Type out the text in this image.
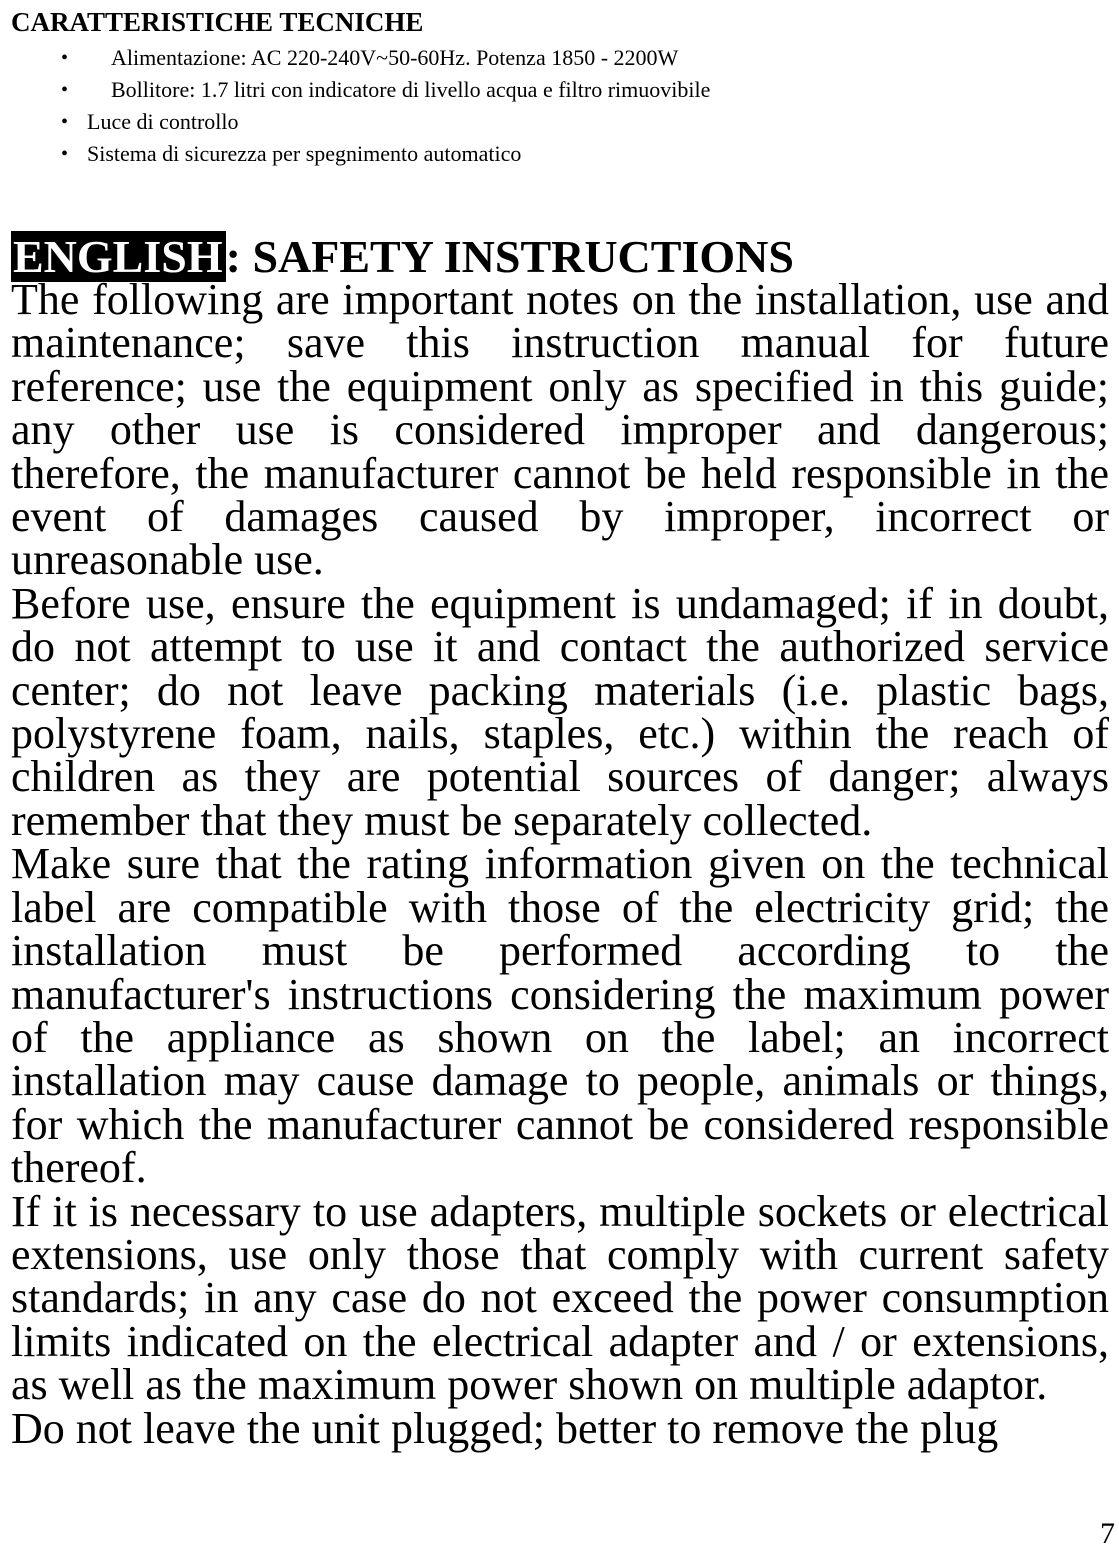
CARATTERISTICHE TECNICHE
• Alimentazione: AC 220-240V~50-60Hz. Potenza 1850 - 2200W
• Bollitore: 1.7 litri con indicatore di livello acqua e filtro rimuovibile
• Luce di controllo
• Sistema di sicurezza per spegnimento automatico
ENGLISH: SAFETY INSTRUCTIONS

The following are important notes on the installation, use and maintenance; save this instruction manual for future reference; use the equipment only as specified in this guide; any other use is considered improper and dangerous; therefore, the manufacturer cannot be held responsible in the event of damages caused by improper, incorrect or unreasonable use.

Before use, ensure the equipment is undamaged; if in doubt, do not attempt to use it and contact the authorized service center; do not leave packing materials (i.e. plastic bags, polystyrene foam, nails, staples, etc.) within the reach of children as they are potential sources of danger; always remember that they must be separately collected.

Make sure that the rating information given on the technical label are compatible with those of the electricity grid; the installation must be performed according to the manufacturer's instructions considering the maximum power of the appliance as shown on the label; an incorrect installation may cause damage to people, animals or things, for which the manufacturer cannot be considered responsible thereof.

If it is necessary to use adapters, multiple sockets or electrical extensions, use only those that comply with current safety standards; in any case do not exceed the power consumption limits indicated on the electrical adapter and / or extensions, as well as the maximum power shown on multiple adaptor.

Do not leave the unit plugged; better to remove the plug

7
